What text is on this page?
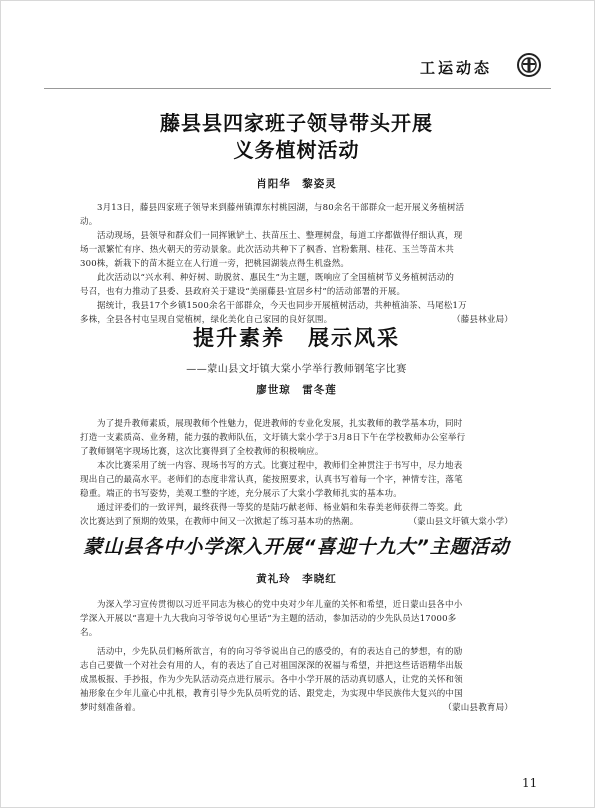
工运动态
藤县县四家班子领导带头开展
义务植树活动
肖阳华　黎姿灵

3月13日，藤县四家班子领导来到藤州镇潭东村桃园湖，与80余名干部群众一起开展义务植树活

动。

活动现场，县领导和群众们一同挥锹铲土、扶苗压土、整理树盘，每道工序都做得仔细认真，现

场一派繁忙有序、热火朝天的劳动景象。此次活动共种下了枫香、宫粉紫荆、桂花、玉兰等苗木共

300株，新栽下的苗木挺立在人行道一旁，把桃园湖装点得生机盎然。

此次活动以“兴水利、种好树、助脱贫、惠民生”为主题，既响应了全国植树节义务植树活动的

号召，也有力推动了县委、县政府关于建设“美丽藤县·宜居乡村”的活动部署的开展。

据统计，我县17个乡镇1500余名干部群众，今天也同步开展植树活动，共种植油茶、马尾松1万

多株，全县各村屯呈现自觉植树，绿化美化自己家园的良好氛围。	（藤县林业局）

提升素养　展示风采
——蒙山县文圩镇大棠小学举行教师钢笔字比赛
廖世琼　雷冬莲

为了提升教师素质，展现教师个性魅力，促进教师的专业化发展，扎实教师的教学基本功，同时

打造一支素质高、业务精，能力强的教师队伍，文圩镇大棠小学于3月8日下午在学校教师办公室举行

了教师钢笔字现场比赛，这次比赛得到了全校教师的积极响应。

本次比赛采用了统一内容、现场书写的方式。比赛过程中，教师们全神贯注于书写中，尽力地表

现出自己的最高水平。老师们的态度非常认真，能按照要求，认真书写着每一个字，神情专注，落笔

稳重。端正的书写姿势，美观工整的字迹，充分展示了大棠小学教师扎实的基本功。

通过评委们的一致评判，最终获得一等奖的是陆巧献老师、杨业娟和朱春美老师获得二等奖。此

次比赛达到了预期的效果，在教师中间又一次掀起了练习基本功的热潮。	（蒙山县文圩镇大棠小学）

蒙山县各中小学深入开展“喜迎十九大”主题活动
黄礼玲　李晓红

为深入学习宣传贯彻以习近平同志为核心的党中央对少年儿童的关怀和希望，近日蒙山县各中小

学深入开展以“喜迎十九大我向习爷爷说句心里话”为主题的活动，参加活动的少先队员达17000多

名。

活动中，少先队员们畅所欲言，有的向习爷爷说出自己的感受的，有的表达自己的梦想，有的励

志自己要做一个对社会有用的人，有的表达了自己对祖国深深的祝福与希望，并把这些话语精华出版

成黑板报、手抄报，作为少先队活动亮点进行展示。各中小学开展的活动真切感人，让党的关怀和领

袖形象在少年儿童心中扎根，教育引导少先队员听党的话、跟党走，为实现中华民族伟大复兴的中国

梦时刻准备着。	（蒙山县教育局）

11
